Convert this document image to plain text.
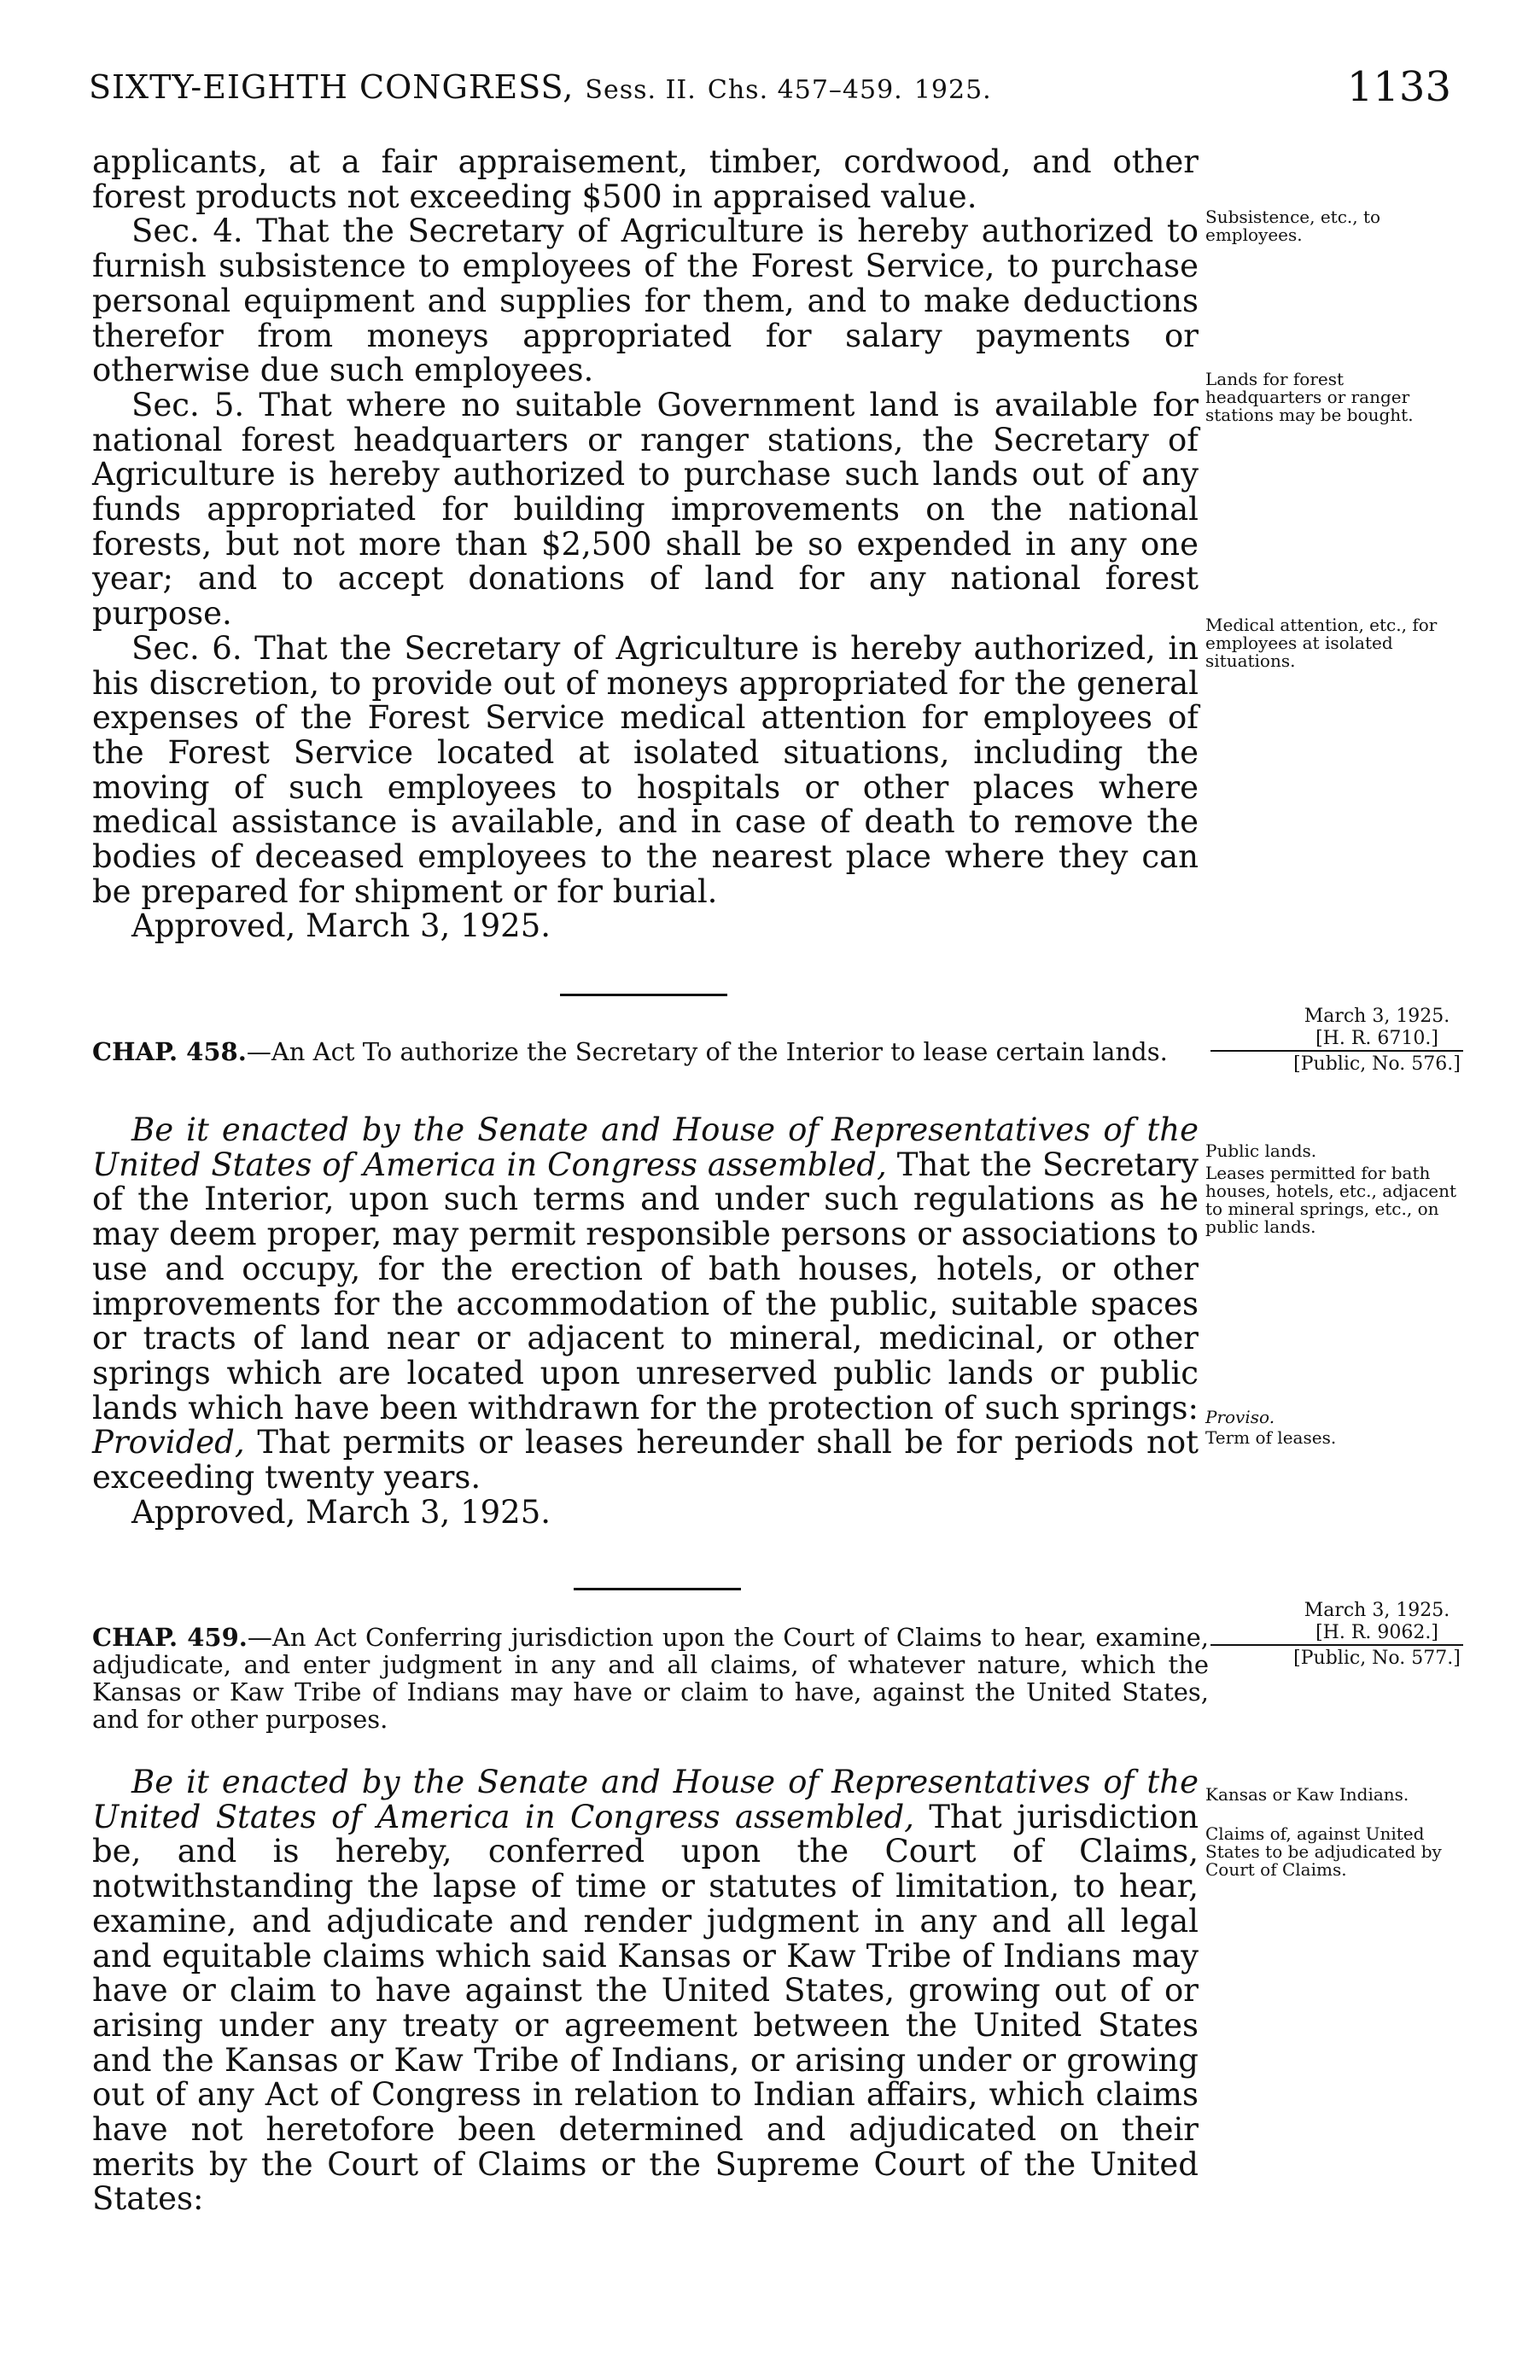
SIXTY-EIGHTH CONGRESS, Sess. II. Chs. 457–459. 1925.	1133

applicants, at a fair appraisement, timber, cordwood, and other forest products not exceeding $500 in appraised value.

Sec. 4. That the Secretary of Agriculture is hereby authorized to furnish subsistence to employees of the Forest Service, to purchase personal equipment and supplies for them, and to make deductions therefor from moneys appropriated for salary payments or otherwise due such employees.

Sec. 5. That where no suitable Government land is available for national forest headquarters or ranger stations, the Secretary of Agriculture is hereby authorized to purchase such lands out of any funds appropriated for building improvements on the national forests, but not more than $2,500 shall be so expended in any one year; and to accept donations of land for any national forest purpose.

Sec. 6. That the Secretary of Agriculture is hereby authorized, in his discretion, to provide out of moneys appropriated for the general expenses of the Forest Service medical attention for employees of the Forest Service located at isolated situations, including the moving of such employees to hospitals or other places where medical assistance is available, and in case of death to remove the bodies of deceased employees to the nearest place where they can be prepared for shipment or for burial.

Approved, March 3, 1925.

Subsistence, etc., to employees.
Lands for forest headquarters or ranger stations may be bought.
Medical attention, etc., for employees at isolated situations.
March 3, 1925.
[H. R. 6710.]
[Public, No. 576.]

CHAP. 458.—An Act To authorize the Secretary of the Interior to lease certain lands.

Be it enacted by the Senate and House of Representatives of the United States of America in Congress assembled, That the Secretary of the Interior, upon such terms and under such regulations as he may deem proper, may permit responsible persons or associations to use and occupy, for the erection of bath houses, hotels, or other improvements for the accommodation of the public, suitable spaces or tracts of land near or adjacent to mineral, medicinal, or other springs which are located upon unreserved public lands or public lands which have been withdrawn for the protection of such springs: Provided, That permits or leases hereunder shall be for periods not exceeding twenty years.

Approved, March 3, 1925.

Public lands.
Leases permitted for bath houses, hotels, etc., adjacent to mineral springs, etc., on public lands.
Proviso.
Term of leases.
March 3, 1925.
[H. R. 9062.]
[Public, No. 577.]

CHAP. 459.—An Act Conferring jurisdiction upon the Court of Claims to hear, examine, adjudicate, and enter judgment in any and all claims, of whatever nature, which the Kansas or Kaw Tribe of Indians may have or claim to have, against the United States, and for other purposes.

Be it enacted by the Senate and House of Representatives of the United States of America in Congress assembled, That jurisdiction be, and is hereby, conferred upon the Court of Claims, notwithstanding the lapse of time or statutes of limitation, to hear, examine, and adjudicate and render judgment in any and all legal and equitable claims which said Kansas or Kaw Tribe of Indians may have or claim to have against the United States, growing out of or arising under any treaty or agreement between the United States and the Kansas or Kaw Tribe of Indians, or arising under or growing out of any Act of Congress in relation to Indian affairs, which claims have not heretofore been determined and adjudicated on their merits by the Court of Claims or the Supreme Court of the United States:

Kansas or Kaw Indians.
Claims of, against United States to be adjudicated by Court of Claims.
